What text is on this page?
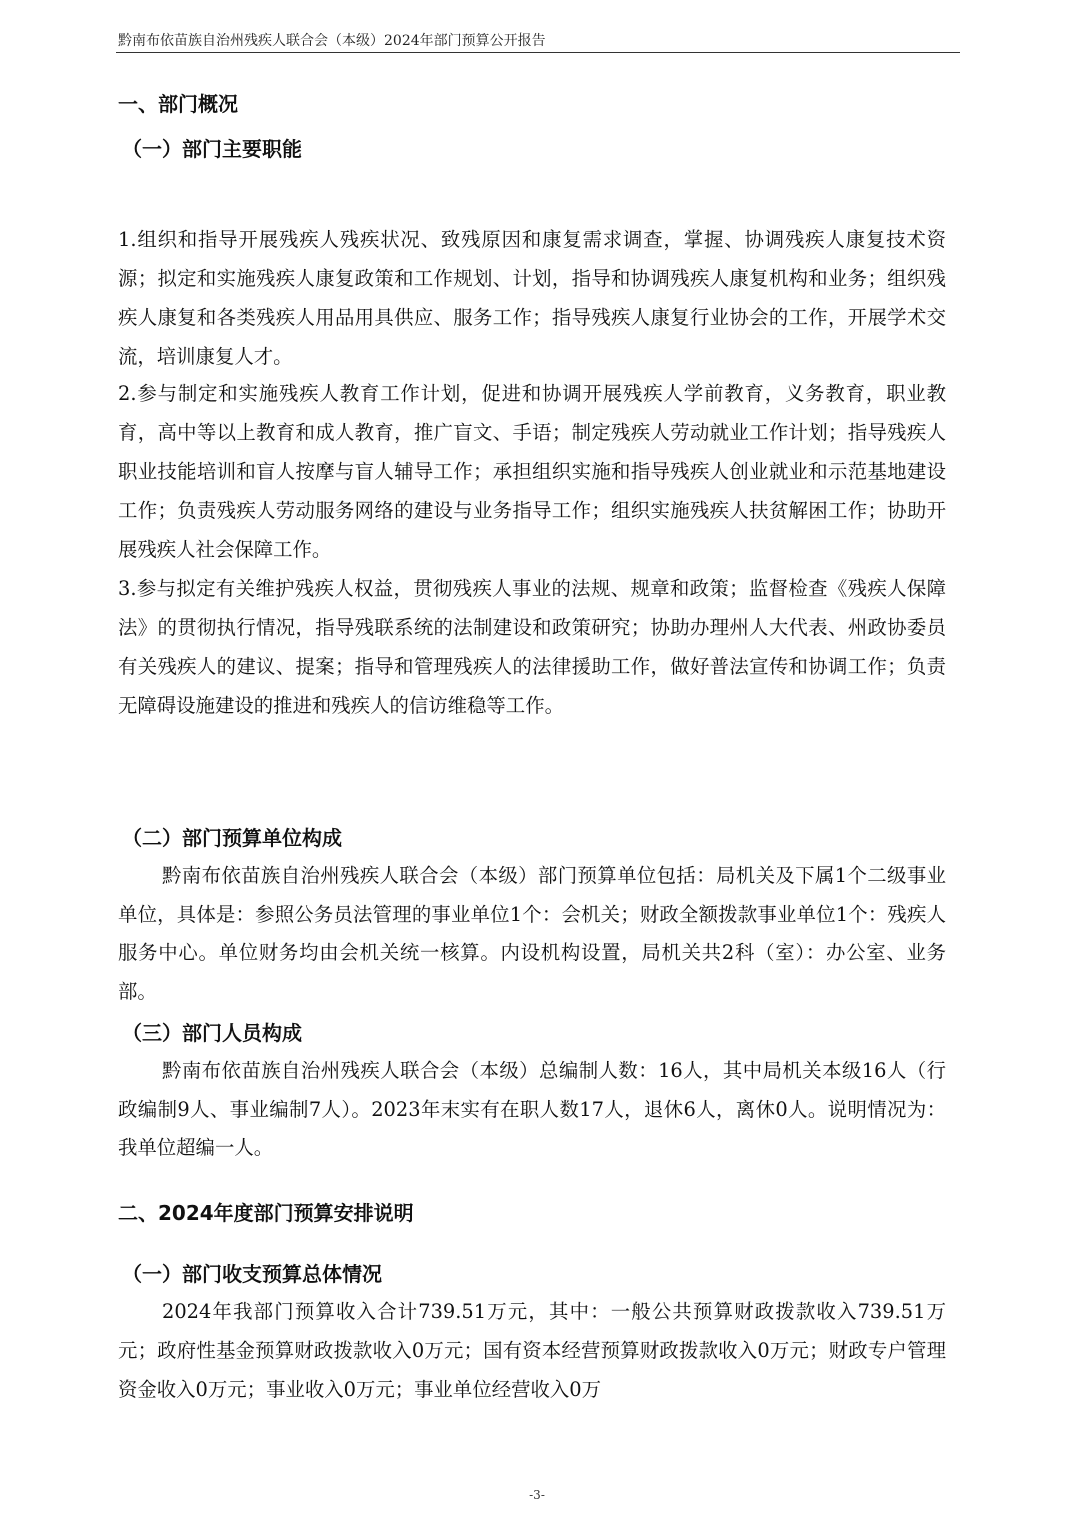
黔南布依苗族自治州残疾人联合会（本级）2024年部门预算公开报告
一、部门概况
（一）部门主要职能

1.组织和指导开展残疾人残疾状况、致残原因和康复需求调查，掌握、协调残疾人康复技术资源；拟定和实施残疾人康复政策和工作规划、计划，指导和协调残疾人康复机构和业务；组织残疾人康复和各类残疾人用品用具供应、服务工作；指导残疾人康复行业协会的工作，开展学术交流，培训康复人才。

2.参与制定和实施残疾人教育工作计划，促进和协调开展残疾人学前教育，义务教育，职业教育，高中等以上教育和成人教育，推广盲文、手语；制定残疾人劳动就业工作计划；指导残疾人职业技能培训和盲人按摩与盲人辅导工作；承担组织实施和指导残疾人创业就业和示范基地建设工作；负责残疾人劳动服务网络的建设与业务指导工作；组织实施残疾人扶贫解困工作；协助开展残疾人社会保障工作。

3.参与拟定有关维护残疾人权益，贯彻残疾人事业的法规、规章和政策；监督检查《残疾人保障法》的贯彻执行情况，指导残联系统的法制建设和政策研究；协助办理州人大代表、州政协委员有关残疾人的建议、提案；指导和管理残疾人的法律援助工作，做好普法宣传和协调工作；负责无障碍设施建设的推进和残疾人的信访维稳等工作。

（二）部门预算单位构成

黔南布依苗族自治州残疾人联合会（本级）部门预算单位包括：局机关及下属1个二级事业单位，具体是：参照公务员法管理的事业单位1个：会机关；财政全额拨款事业单位1个：残疾人服务中心。单位财务均由会机关统一核算。内设机构设置，局机关共2科（室）：办公室、业务部。

（三）部门人员构成

黔南布依苗族自治州残疾人联合会（本级）总编制人数：16人，其中局机关本级16人（行政编制9人、事业编制7人）。2023年末实有在职人数17人，退休6人，离休0人。说明情况为：我单位超编一人。

二、2024年度部门预算安排说明
（一）部门收支预算总体情况

2024年我部门预算收入合计739.51万元，其中：一般公共预算财政拨款收入739.51万元；政府性基金预算财政拨款收入0万元；国有资本经营预算财政拨款收入0万元；财政专户管理资金收入0万元；事业收入0万元；事业单位经营收入0万

-3-
